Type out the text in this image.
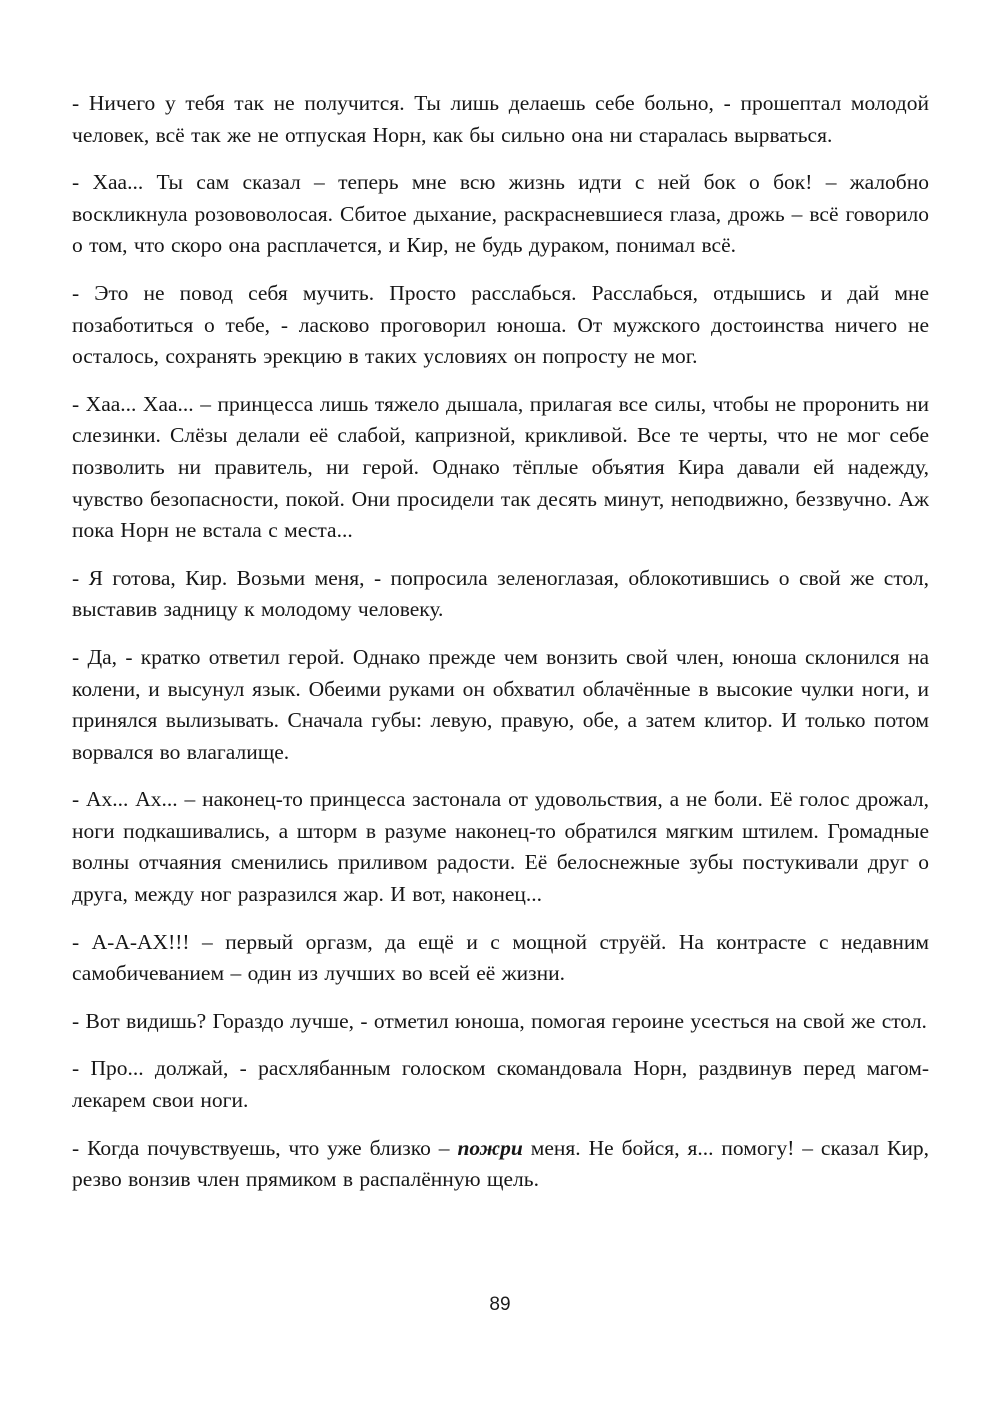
- Ничего у тебя так не получится. Ты лишь делаешь себе больно, - прошептал молодой человек, всё так же не отпуская Норн, как бы сильно она ни старалась вырваться.

- Хаа... Ты сам сказал – теперь мне всю жизнь идти с ней бок о бок! – жалобно воскликнула розововолосая. Сбитое дыхание, раскрасневшиеся глаза, дрожь – всё говорило о том, что скоро она расплачется, и Кир, не будь дураком, понимал всё.

- Это не повод себя мучить. Просто расслабься. Расслабься, отдышись и дай мне позаботиться о тебе, - ласково проговорил юноша. От мужского достоинства ничего не осталось, сохранять эрекцию в таких условиях он попросту не мог.

- Хаа... Хаа... – принцесса лишь тяжело дышала, прилагая все силы, чтобы не проронить ни слезинки. Слёзы делали её слабой, капризной, крикливой. Все те черты, что не мог себе позволить ни правитель, ни герой. Однако тёплые объятия Кира давали ей надежду, чувство безопасности, покой. Они просидели так десять минут, неподвижно, беззвучно. Аж пока Норн не встала с места...

- Я готова, Кир. Возьми меня, - попросила зеленоглазая, облокотившись о свой же стол, выставив задницу к молодому человеку.

- Да, - кратко ответил герой. Однако прежде чем вонзить свой член, юноша склонился на колени, и высунул язык. Обеими руками он обхватил облачённые в высокие чулки ноги, и принялся вылизывать. Сначала губы: левую, правую, обе, а затем клитор. И только потом ворвался во влагалище.

- Ах... Ах... – наконец-то принцесса застонала от удовольствия, а не боли. Её голос дрожал, ноги подкашивались, а шторм в разуме наконец-то обратился мягким штилем. Громадные волны отчаяния сменились приливом радости. Её белоснежные зубы постукивали друг о друга, между ног разразился жар. И вот, наконец...

- А-А-АХ!!! – первый оргазм, да ещё и с мощной струёй. На контрасте с недавним самобичеванием – один из лучших во всей её жизни.

- Вот видишь? Гораздо лучше, - отметил юноша, помогая героине усесться на свой же стол.

- Про... должай, - расхлябанным голоском скомандовала Норн, раздвинув перед магом-лекарем свои ноги.

- Когда почувствуешь, что уже близко – пожри меня. Не бойся, я... помогу! – сказал Кир, резво вонзив член прямиком в распалённую щель.

89
